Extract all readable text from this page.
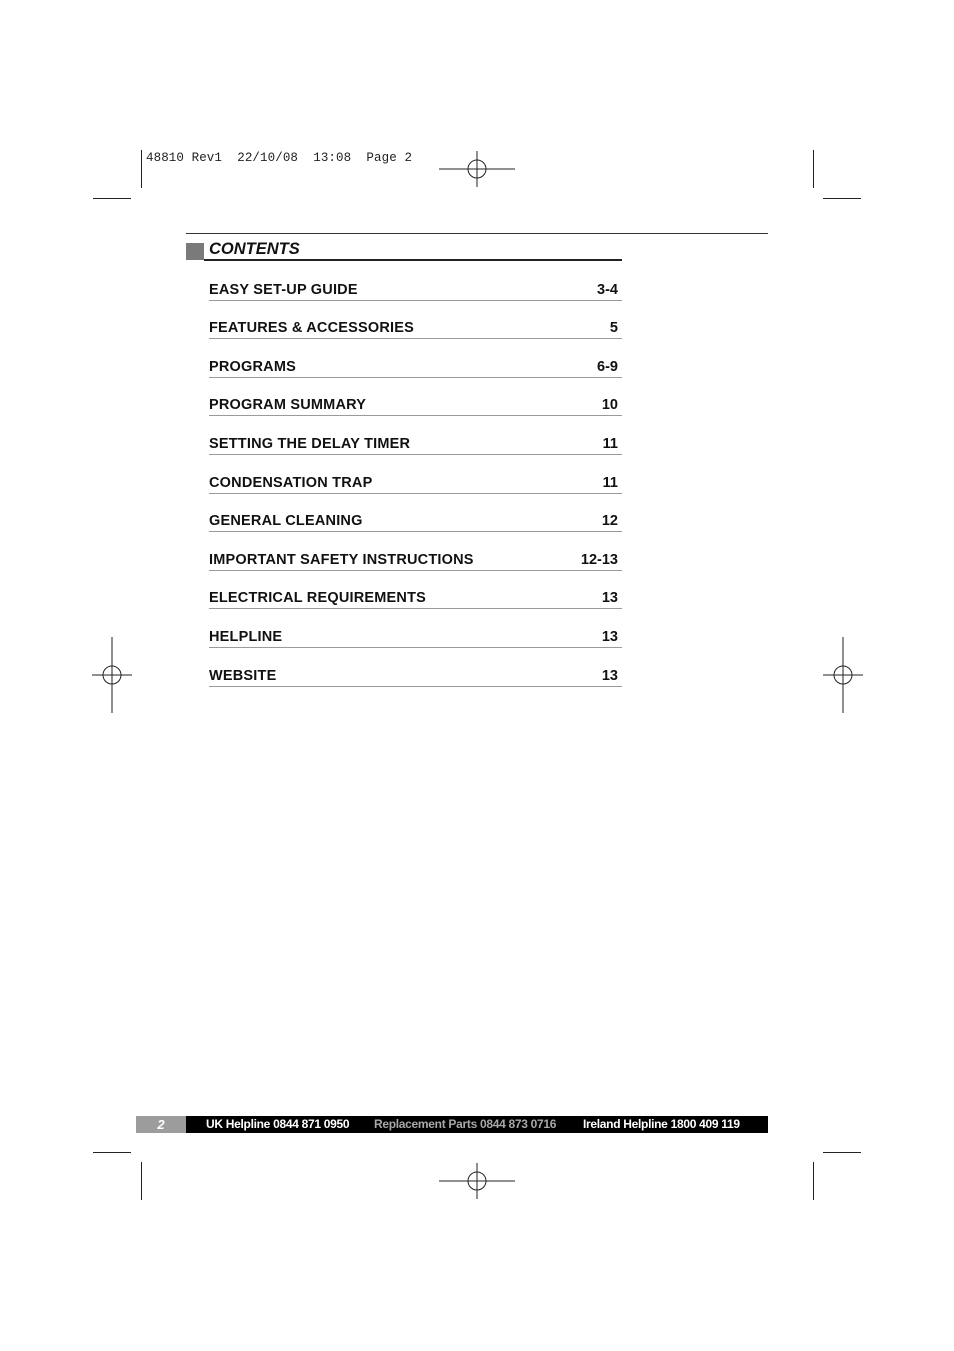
48810 Rev1  22/10/08  13:08  Page 2
CONTENTS
EASY SET-UP GUIDE	3-4
FEATURES & ACCESSORIES	5
PROGRAMS	6-9
PROGRAM SUMMARY	10
SETTING THE DELAY TIMER	11
CONDENSATION TRAP	11
GENERAL CLEANING	12
IMPORTANT SAFETY INSTRUCTIONS	12-13
ELECTRICAL REQUIREMENTS	13
HELPLINE	13
WEBSITE	13
2	UK Helpline 0844 871 0950 Replacement Parts 0844 873 0716 Ireland Helpline 1800 409 119
